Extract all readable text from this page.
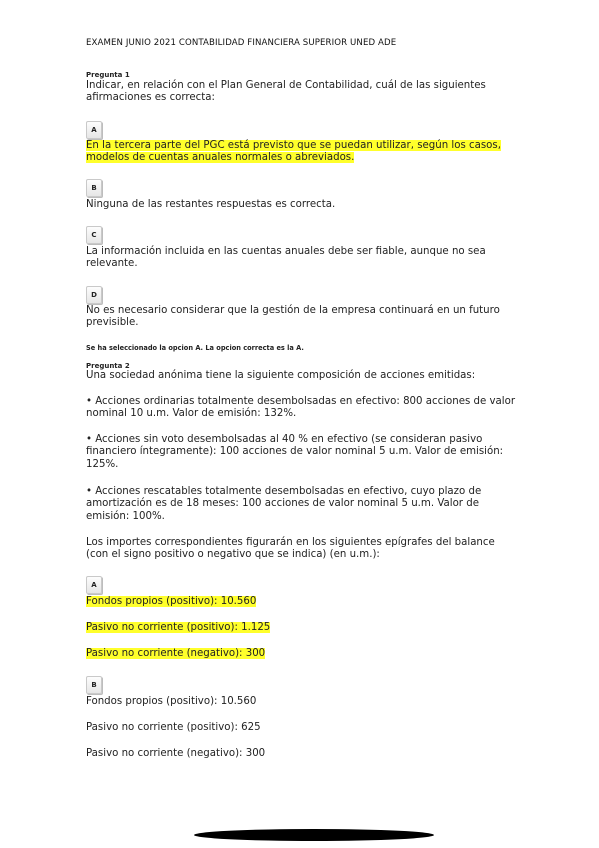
EXAMEN JUNIO 2021 CONTABILIDAD FINANCIERA SUPERIOR UNED ADE
Pregunta 1
Indicar, en relación con el Plan General de Contabilidad, cuál de las siguientes afirmaciones es correcta:
A
En la tercera parte del PGC está previsto que se puedan utilizar, según los casos, modelos de cuentas anuales normales o abreviados.
B
Ninguna de las restantes respuestas es correcta.
C
La información incluida en las cuentas anuales debe ser fiable, aunque no sea relevante.
D
No es necesario considerar que la gestión de la empresa continuará en un futuro previsible.
Se ha seleccionado la opcion A. La opcion correcta es la A.
Pregunta 2
Una sociedad anónima tiene la siguiente composición de acciones emitidas:
• Acciones ordinarias totalmente desembolsadas en efectivo: 800 acciones de valor nominal 10 u.m. Valor de emisión: 132%.
• Acciones sin voto desembolsadas al 40 % en efectivo (se consideran pasivo financiero íntegramente): 100 acciones de valor nominal 5 u.m. Valor de emisión: 125%.
• Acciones rescatables totalmente desembolsadas en efectivo, cuyo plazo de amortización es de 18 meses: 100 acciones de valor nominal 5 u.m. Valor de emisión: 100%.
Los importes correspondientes figurarán en los siguientes epígrafes del balance (con el signo positivo o negativo que se indica) (en u.m.):
A
Fondos propios (positivo): 10.560
Pasivo no corriente (positivo): 1.125
Pasivo no corriente (negativo): 300
B
Fondos propios (positivo): 10.560
Pasivo no corriente (positivo): 625
Pasivo no corriente (negativo): 300
